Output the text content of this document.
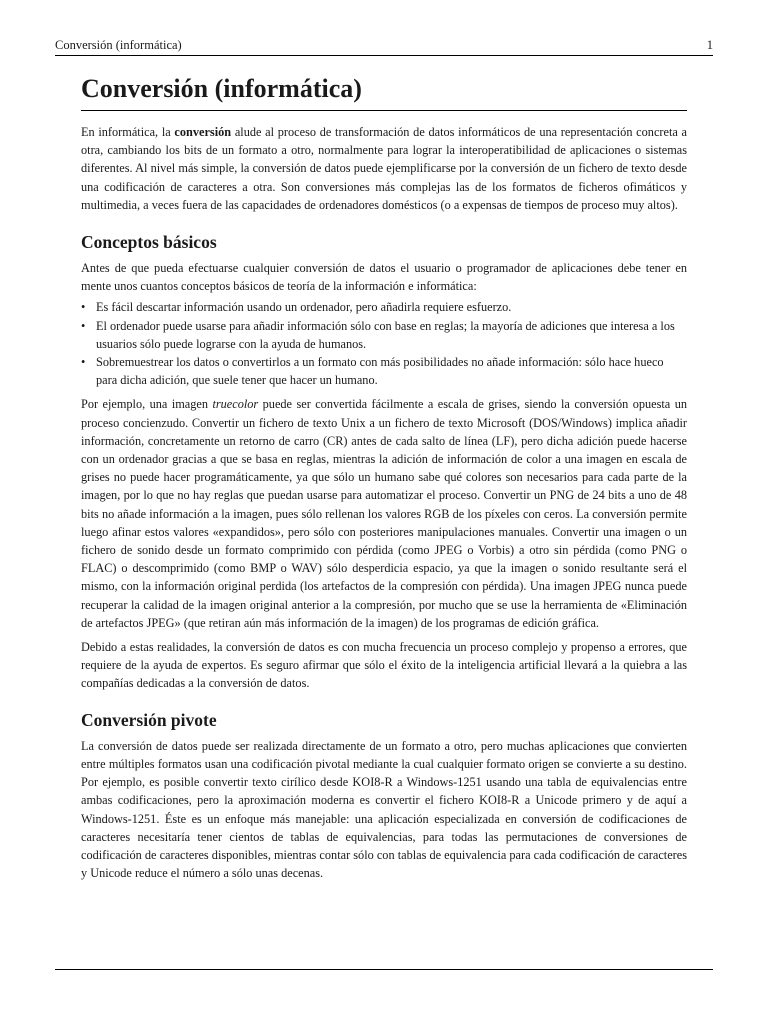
Conversión (informática)	1
Conversión (informática)

En informática, la conversión alude al proceso de transformación de datos informáticos de una representación concreta a otra, cambiando los bits de un formato a otro, normalmente para lograr la interoperatibilidad de aplicaciones o sistemas diferentes. Al nivel más simple, la conversión de datos puede ejemplificarse por la conversión de un fichero de texto desde una codificación de caracteres a otra. Son conversiones más complejas las de los formatos de ficheros ofimáticos y multimedia, a veces fuera de las capacidades de ordenadores domésticos (o a expensas de tiempos de proceso muy altos).

Conceptos básicos

Antes de que pueda efectuarse cualquier conversión de datos el usuario o programador de aplicaciones debe tener en mente unos cuantos conceptos básicos de teoría de la información e informática:

• Es fácil descartar información usando un ordenador, pero añadirla requiere esfuerzo.
• El ordenador puede usarse para añadir información sólo con base en reglas; la mayoría de adiciones que interesa a los usuarios sólo puede lograrse con la ayuda de humanos.
• Sobremuestrear los datos o convertirlos a un formato con más posibilidades no añade información: sólo hace hueco para dicha adición, que suele tener que hacer un humano.

Por ejemplo, una imagen truecolor puede ser convertida fácilmente a escala de grises, siendo la conversión opuesta un proceso concienzudo. Convertir un fichero de texto Unix a un fichero de texto Microsoft (DOS/Windows) implica añadir información, concretamente un retorno de carro (CR) antes de cada salto de línea (LF), pero dicha adición puede hacerse con un ordenador gracias a que se basa en reglas, mientras la adición de información de color a una imagen en escala de grises no puede hacer programáticamente, ya que sólo un humano sabe qué colores son necesarios para cada parte de la imagen, por lo que no hay reglas que puedan usarse para automatizar el proceso. Convertir un PNG de 24 bits a uno de 48 bits no añade información a la imagen, pues sólo rellenan los valores RGB de los píxeles con ceros. La conversión permite luego afinar estos valores «expandidos», pero sólo con posteriores manipulaciones manuales. Convertir una imagen o un fichero de sonido desde un formato comprimido con pérdida (como JPEG o Vorbis) a otro sin pérdida (como PNG o FLAC) o descomprimido (como BMP o WAV) sólo desperdicia espacio, ya que la imagen o sonido resultante será el mismo, con la información original perdida (los artefactos de la compresión con pérdida). Una imagen JPEG nunca puede recuperar la calidad de la imagen original anterior a la compresión, por mucho que se use la herramienta de «Eliminación de artefactos JPEG» (que retiran aún más información de la imagen) de los programas de edición gráfica.

Debido a estas realidades, la conversión de datos es con mucha frecuencia un proceso complejo y propenso a errores, que requiere de la ayuda de expertos. Es seguro afirmar que sólo el éxito de la inteligencia artificial llevará a la quiebra a las compañías dedicadas a la conversión de datos.

Conversión pivote

La conversión de datos puede ser realizada directamente de un formato a otro, pero muchas aplicaciones que convierten entre múltiples formatos usan una codificación pivotal mediante la cual cualquier formato origen se convierte a su destino. Por ejemplo, es posible convertir texto cirílico desde KOI8-R a Windows-1251 usando una tabla de equivalencias entre ambas codificaciones, pero la aproximación moderna es convertir el fichero KOI8-R a Unicode primero y de aquí a Windows-1251. Éste es un enfoque más manejable: una aplicación especializada en conversión de codificaciones de caracteres necesitaría tener cientos de tablas de equivalencias, para todas las permutaciones de conversiones de codificación de caracteres disponibles, mientras contar sólo con tablas de equivalencia para cada codificación de caracteres y Unicode reduce el número a sólo unas decenas.
